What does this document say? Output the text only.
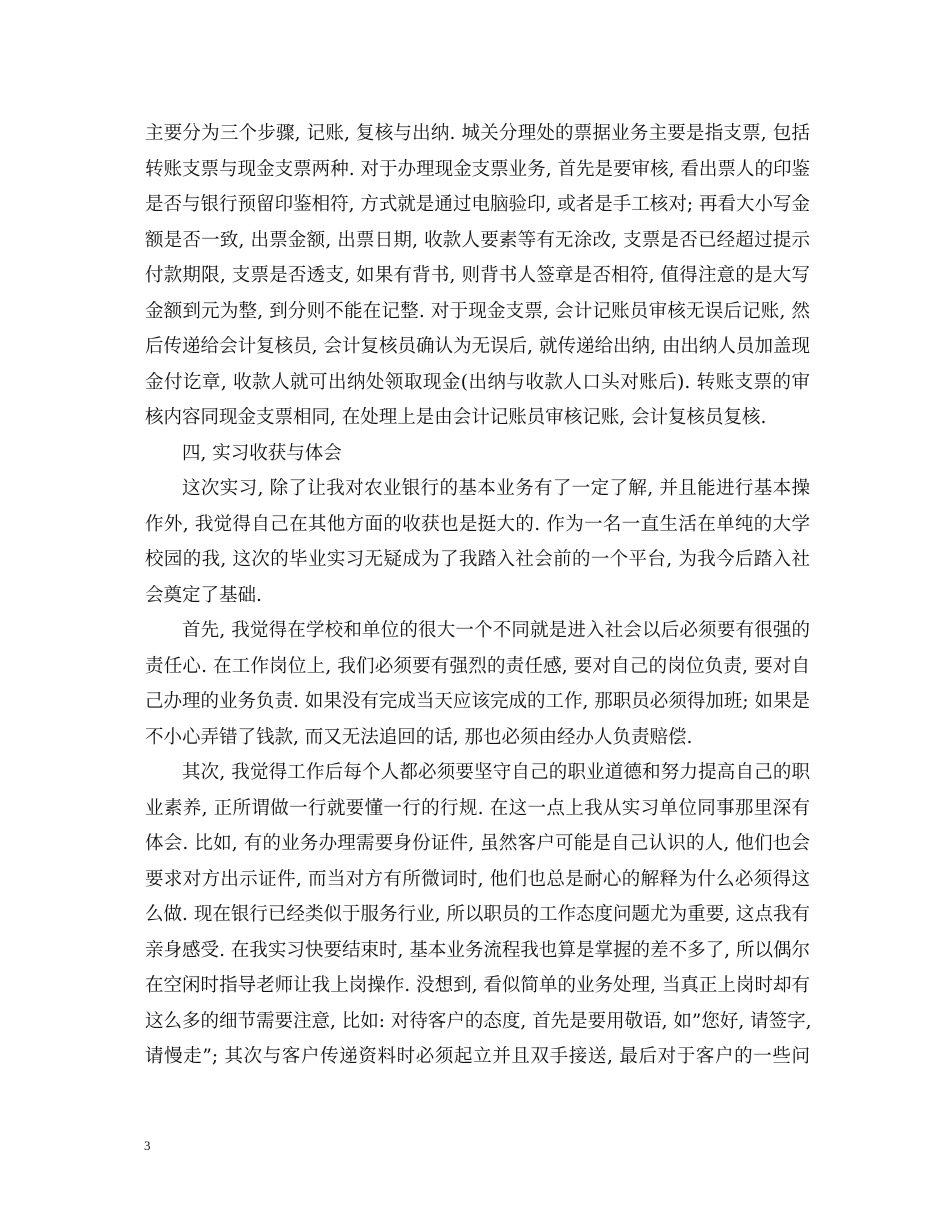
主要分为三个步骤, 记账, 复核与出纳. 城关分理处的票据业务主要是指支票, 包括
转账支票与现金支票两种. 对于办理现金支票业务, 首先是要审核, 看出票人的印鉴
是否与银行预留印鉴相符, 方式就是通过电脑验印, 或者是手工核对; 再看大小写金
额是否一致, 出票金额, 出票日期, 收款人要素等有无涂改, 支票是否已经超过提示
付款期限, 支票是否透支, 如果有背书, 则背书人签章是否相符, 值得注意的是大写
金额到元为整, 到分则不能在记整. 对于现金支票, 会计记账员审核无误后记账, 然
后传递给会计复核员, 会计复核员确认为无误后, 就传递给出纳, 由出纳人员加盖现
金付讫章, 收款人就可出纳处领取现金(出纳与收款人口头对账后). 转账支票的审
核内容同现金支票相同, 在处理上是由会计记账员审核记账, 会计复核员复核.
四, 实习收获与体会
这次实习, 除了让我对农业银行的基本业务有了一定了解, 并且能进行基本操
作外, 我觉得自己在其他方面的收获也是挺大的. 作为一名一直生活在单纯的大学
校园的我, 这次的毕业实习无疑成为了我踏入社会前的一个平台, 为我今后踏入社
会奠定了基础.
首先, 我觉得在学校和单位的很大一个不同就是进入社会以后必须要有很强的
责任心. 在工作岗位上, 我们必须要有强烈的责任感, 要对自己的岗位负责, 要对自
己办理的业务负责. 如果没有完成当天应该完成的工作, 那职员必须得加班; 如果是
不小心弄错了钱款, 而又无法追回的话, 那也必须由经办人负责赔偿.
其次, 我觉得工作后每个人都必须要坚守自己的职业道德和努力提高自己的职
业素养, 正所谓做一行就要懂一行的行规. 在这一点上我从实习单位同事那里深有
体会. 比如, 有的业务办理需要身份证件, 虽然客户可能是自己认识的人, 他们也会
要求对方出示证件, 而当对方有所微词时, 他们也总是耐心的解释为什么必须得这
么做. 现在银行已经类似于服务行业, 所以职员的工作态度问题尤为重要, 这点我有
亲身感受. 在我实习快要结束时, 基本业务流程我也算是掌握的差不多了, 所以偶尔
在空闲时指导老师让我上岗操作. 没想到, 看似简单的业务处理, 当真正上岗时却有
这么多的细节需要注意, 比如: 对待客户的态度, 首先是要用敬语, 如”您好, 请签字,
请慢走”; 其次与客户传递资料时必须起立并且双手接送, 最后对于客户的一些问
3
